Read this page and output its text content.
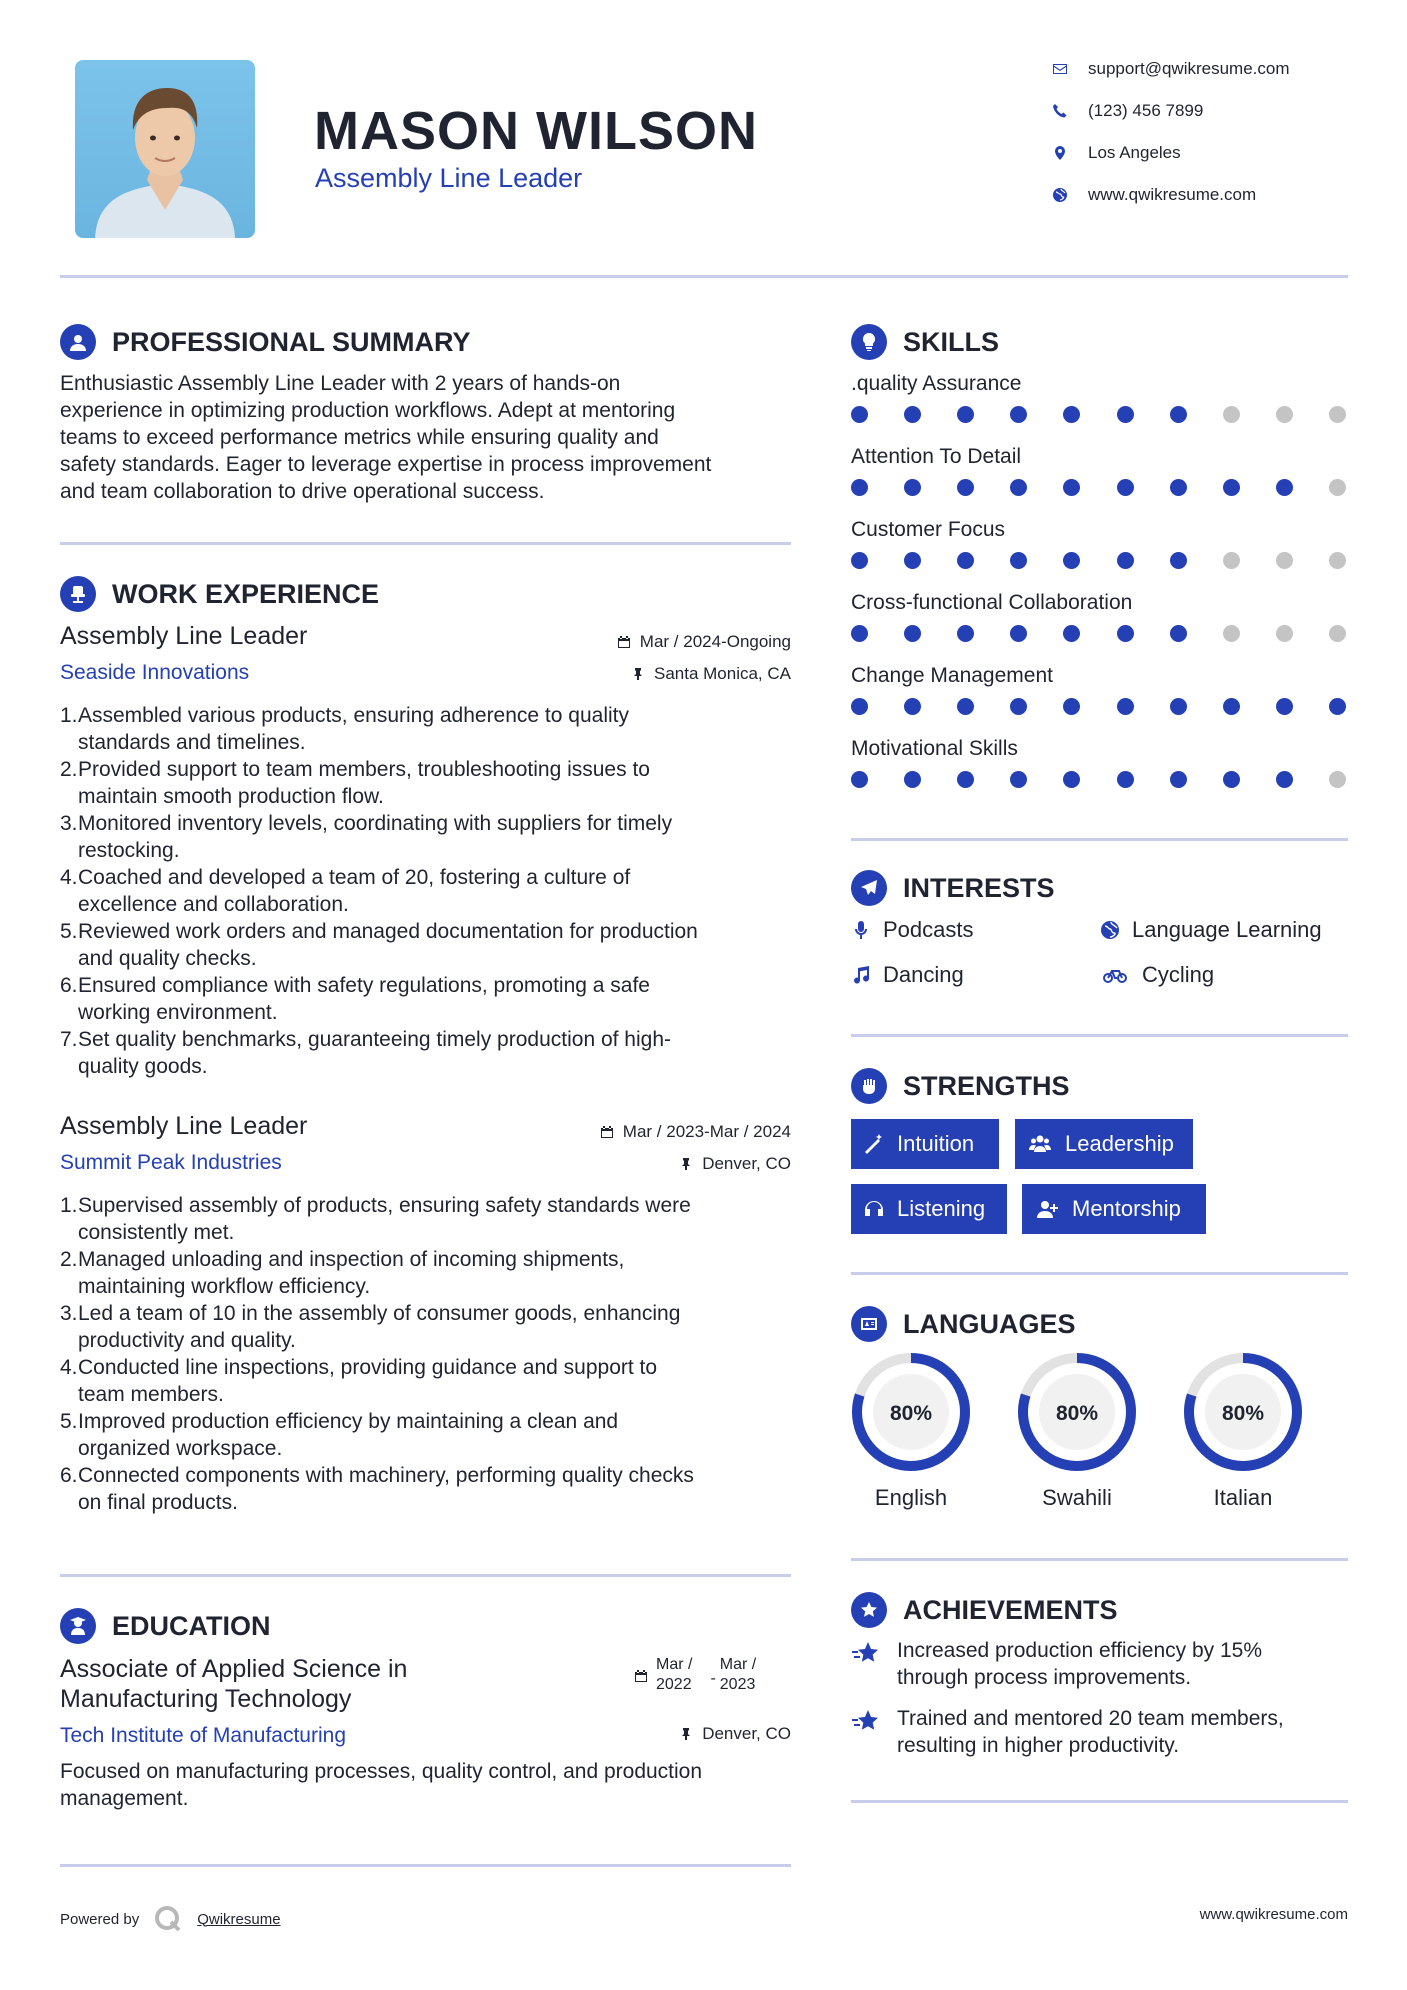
MASON WILSON
Assembly Line Leader
support@qwikresume.com
(123) 456 7899
Los Angeles
www.qwikresume.com
PROFESSIONAL SUMMARY
Enthusiastic Assembly Line Leader with 2 years of hands-on
experience in optimizing production workflows. Adept at mentoring
teams to exceed performance metrics while ensuring quality and
safety standards. Eager to leverage expertise in process improvement
and team collaboration to drive operational success.
WORK EXPERIENCE
Assembly Line Leader
Seaside Innovations
Mar / 2024-Ongoing
Santa Monica, CA
1. Assembled various products, ensuring adherence to quality
standards and timelines.
2. Provided support to team members, troubleshooting issues to
maintain smooth production flow.
3. Monitored inventory levels, coordinating with suppliers for timely
restocking.
4. Coached and developed a team of 20, fostering a culture of
excellence and collaboration.
5. Reviewed work orders and managed documentation for production
and quality checks.
6. Ensured compliance with safety regulations, promoting a safe
working environment.
7. Set quality benchmarks, guaranteeing timely production of high-
quality goods.
Assembly Line Leader
Summit Peak Industries
Mar / 2023-Mar / 2024
Denver, CO
1. Supervised assembly of products, ensuring safety standards were
consistently met.
2. Managed unloading and inspection of incoming shipments,
maintaining workflow efficiency.
3. Led a team of 10 in the assembly of consumer goods, enhancing
productivity and quality.
4. Conducted line inspections, providing guidance and support to
team members.
5. Improved production efficiency by maintaining a clean and
organized workspace.
6. Connected components with machinery, performing quality checks
on final products.
EDUCATION
Associate of Applied Science in
Manufacturing Technology
Mar /
2022 -
Mar /
2023
Tech Institute of Manufacturing	Denver, CO
Focused on manufacturing processes, quality control, and production
management.
SKILLS
.quality Assurance
Attention To Detail
Customer Focus
Cross-functional Collaboration
Change Management
Motivational Skills
INTERESTS
Podcasts	Language Learning
Dancing	Cycling
STRENGTHS
Intuition	Leadership
Listening	Mentorship
LANGUAGES
80%
English
80%
Swahili
80%
Italian
ACHIEVEMENTS
Increased production efficiency by 15%
through process improvements.
Trained and mentored 20 team members,
resulting in higher productivity.
Powered by	Qwikresume	www.qwikresume.com
